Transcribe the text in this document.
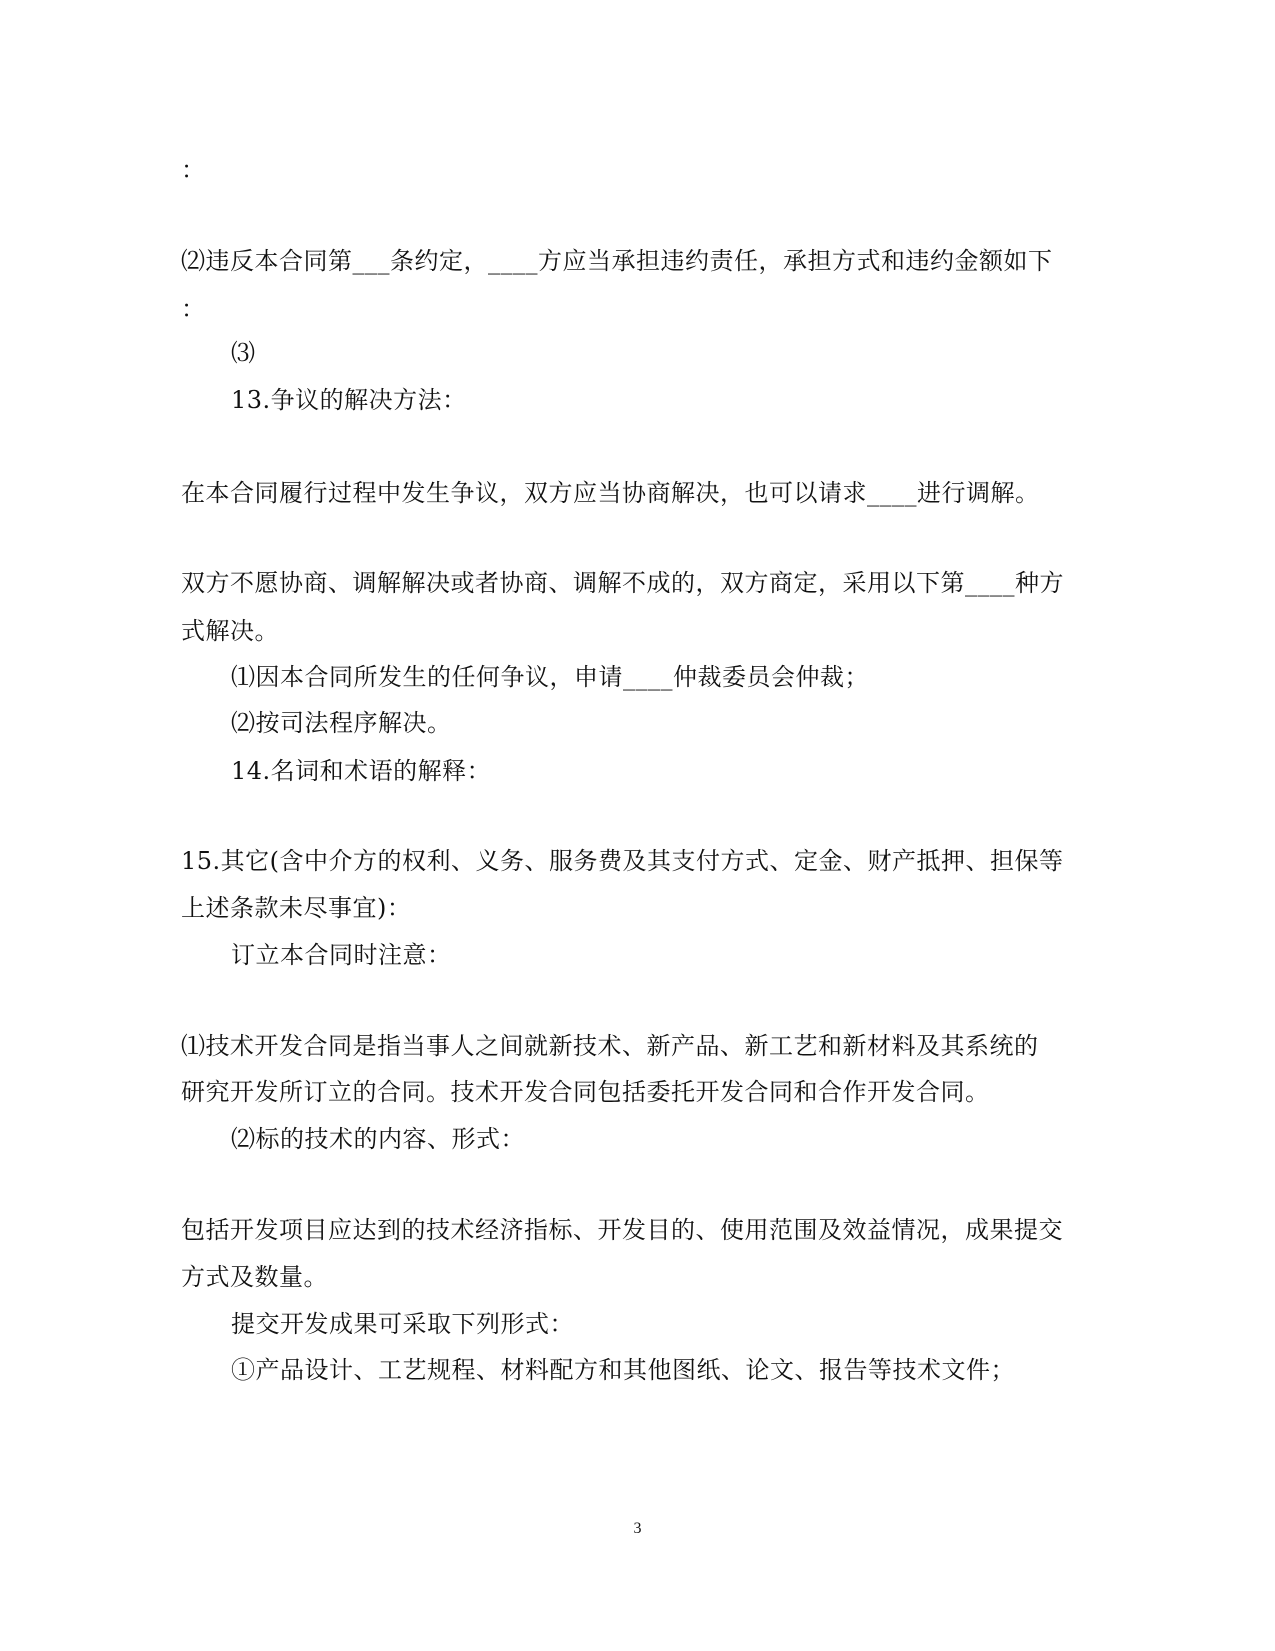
：
⑵违反本合同第___条约定，____方应当承担违约责任，承担方式和违约金额如下
：
⑶
13.争议的解决方法：
在本合同履行过程中发生争议，双方应当协商解决，也可以请求____进行调解。
双方不愿协商、调解解决或者协商、调解不成的，双方商定，采用以下第____种方
式解决。
⑴因本合同所发生的任何争议，申请____仲裁委员会仲裁；
⑵按司法程序解决。
14.名词和术语的解释：
15.其它(含中介方的权利、义务、服务费及其支付方式、定金、财产抵押、担保等
上述条款未尽事宜)：
订立本合同时注意：
⑴技术开发合同是指当事人之间就新技术、新产品、新工艺和新材料及其系统的
研究开发所订立的合同。技术开发合同包括委托开发合同和合作开发合同。
⑵标的技术的内容、形式：
包括开发项目应达到的技术经济指标、开发目的、使用范围及效益情况，成果提交
方式及数量。
提交开发成果可采取下列形式：
①产品设计、工艺规程、材料配方和其他图纸、论文、报告等技术文件；
3
